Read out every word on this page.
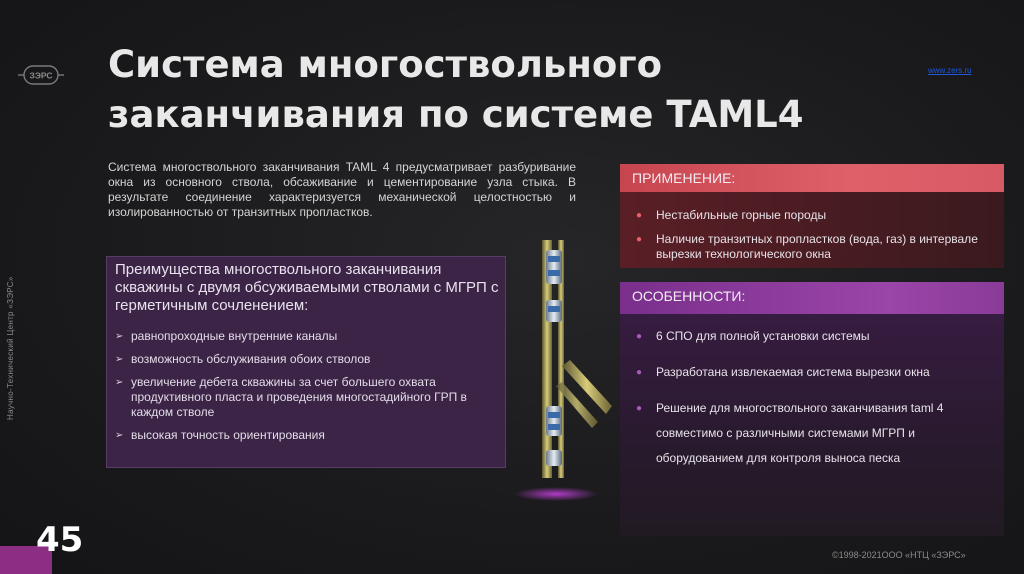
ЗЭРС
Научно-Технический Центр «ЗЭРС»
Система многоствольного
заканчивания по системе TAML4
www.zers.ru

Система многоствольного заканчивания TAML 4 предусматривает разбуривание окна из основного ствола, обсаживание и цементирование узла стыка. В результате соединение характеризуется механической целостностью и изолированностью от транзитных пропластков.

Преимущества многоствольного заканчивания скважины с двумя обсуживаемыми стволами с МГРП с герметичным сочленением:
➢ равнопроходные внутренние каналы
➢ возможность обслуживания обоих стволов
➢ увеличение дебета скважины за счет большего охвата продуктивного пласта и проведения многостадийного ГРП в каждом стволе
➢ высокая точность ориентирования
ПРИМЕНЕНИЕ:
● Нестабильные горные породы
● Наличие транзитных пропластков (вода, газ) в интервале вырезки технологического окна
ОСОБЕННОСТИ:
● 6 СПО для полной установки системы
● Разработана извлекаемая система вырезки окна
● Решение для многоствольного заканчивания taml 4 совместимо с различными системами МГРП и оборудованием для контроля выноса песка
45	©1998-2021ООО «НТЦ «ЗЭРС»
